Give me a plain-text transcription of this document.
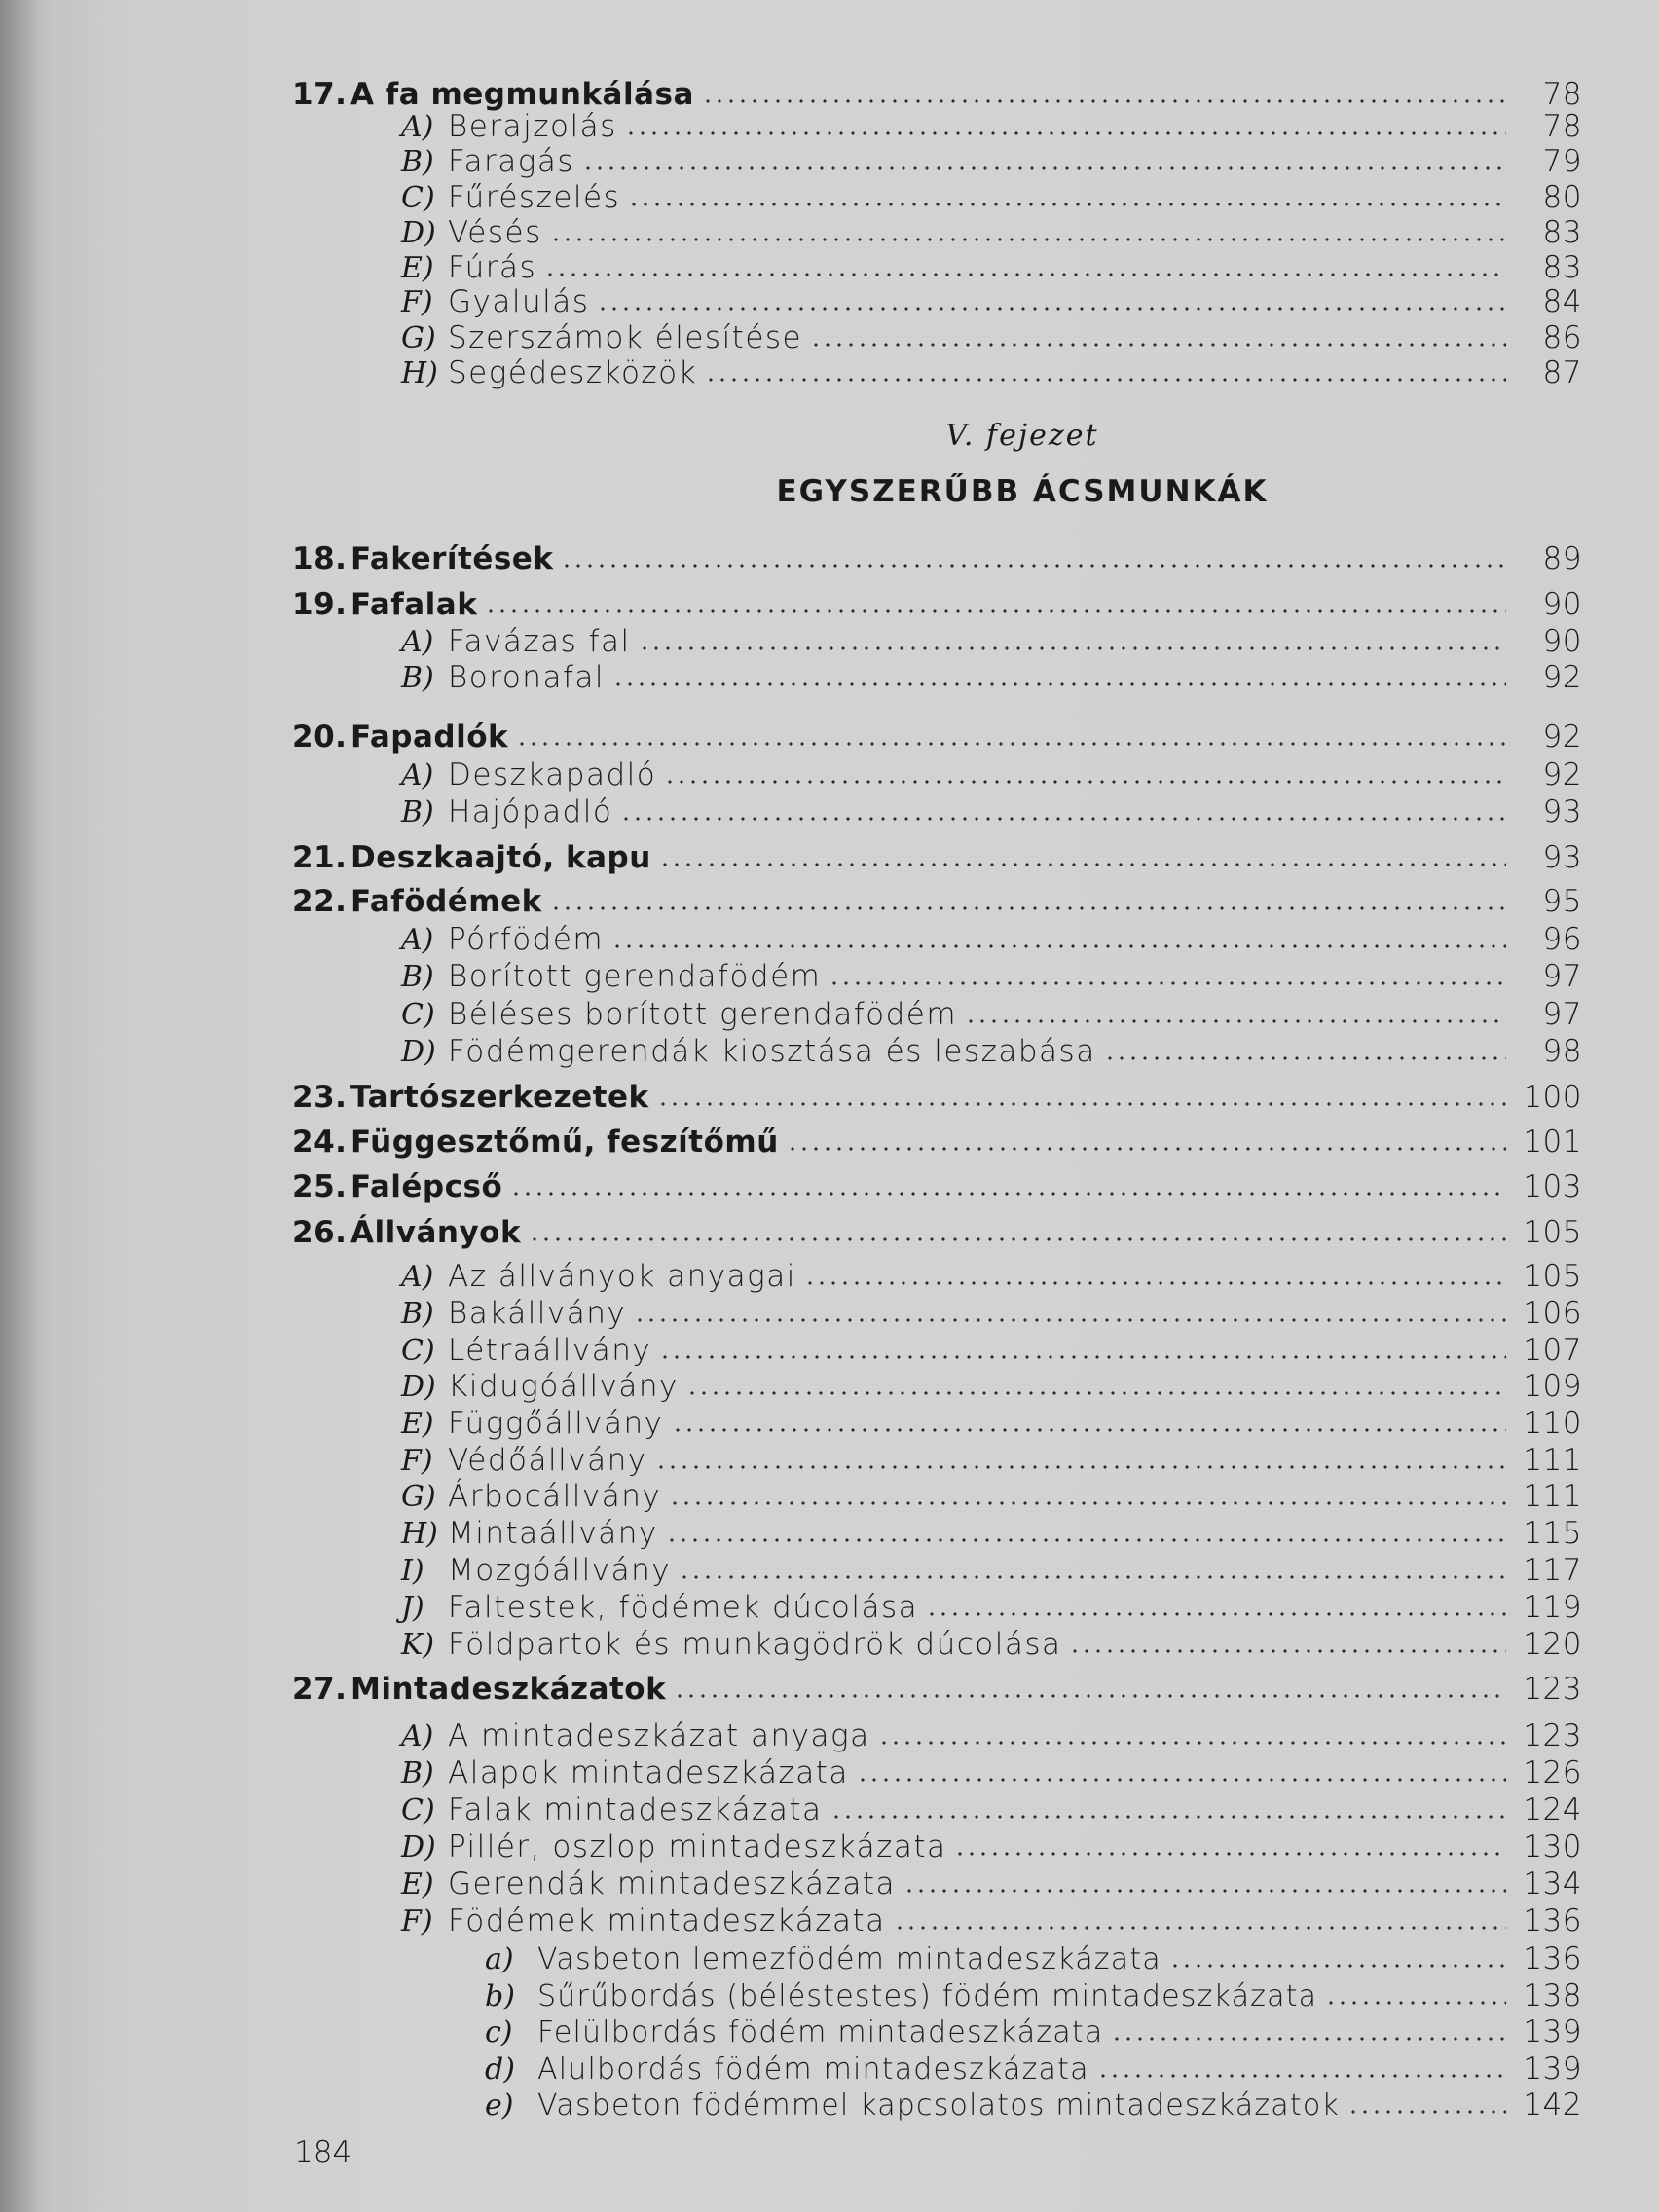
17. A fa megmunkálása	78
A) Berajzolás	78
B) Faragás	79
C) Fűrészelés	80
D) Vésés	83
E) Fúrás	83
F) Gyalulás	84
G) Szerszámok élesítése	86
H) Segédeszközök	87
18. Fakerítések	89
19. Fafalak	90
A) Favázas fal	90
B) Boronafal	92
20. Fapadlók	92
A) Deszkapadló	92
B) Hajópadló	93
21. Deszkaajtó, kapu	93
22. Fafödémek	95
A) Pórfödém	96
B) Borított gerendafödém	97
C) Béléses borított gerendafödém	97
D) Födémgerendák kiosztása és leszabása	98
23. Tartószerkezetek	100
24. Függesztőmű, feszítőmű	101
25. Falépcső	103
26. Állványok	105
A) Az állványok anyagai	105
B) Bakállvány	106
C) Létraállvány	107
D) Kidugóállvány	109
E) Függőállvány	110
F) Védőállvány	111
G) Árbocállvány	111
H) Mintaállvány	115
I) Mozgóállvány	117
J) Faltestek, födémek dúcolása	119
K) Földpartok és munkagödrök dúcolása	120
27. Mintadeszkázatok	123
A) A mintadeszkázat anyaga	123
B) Alapok mintadeszkázata	126
C) Falak mintadeszkázata	124
D) Pillér, oszlop mintadeszkázata	130
E) Gerendák mintadeszkázata	134
F) Födémek mintadeszkázata	136
a) Vasbeton lemezfödém mintadeszkázata	136
b) Sűrűbordás (béléstestes) födém mintadeszkázata	138
c) Felülbordás födém mintadeszkázata	139
d) Alulbordás födém mintadeszkázata	139
e) Vasbeton födémmel kapcsolatos mintadeszkázatok	142
V. fejezet
EGYSZERŰBB ÁCSMUNKÁK
184
